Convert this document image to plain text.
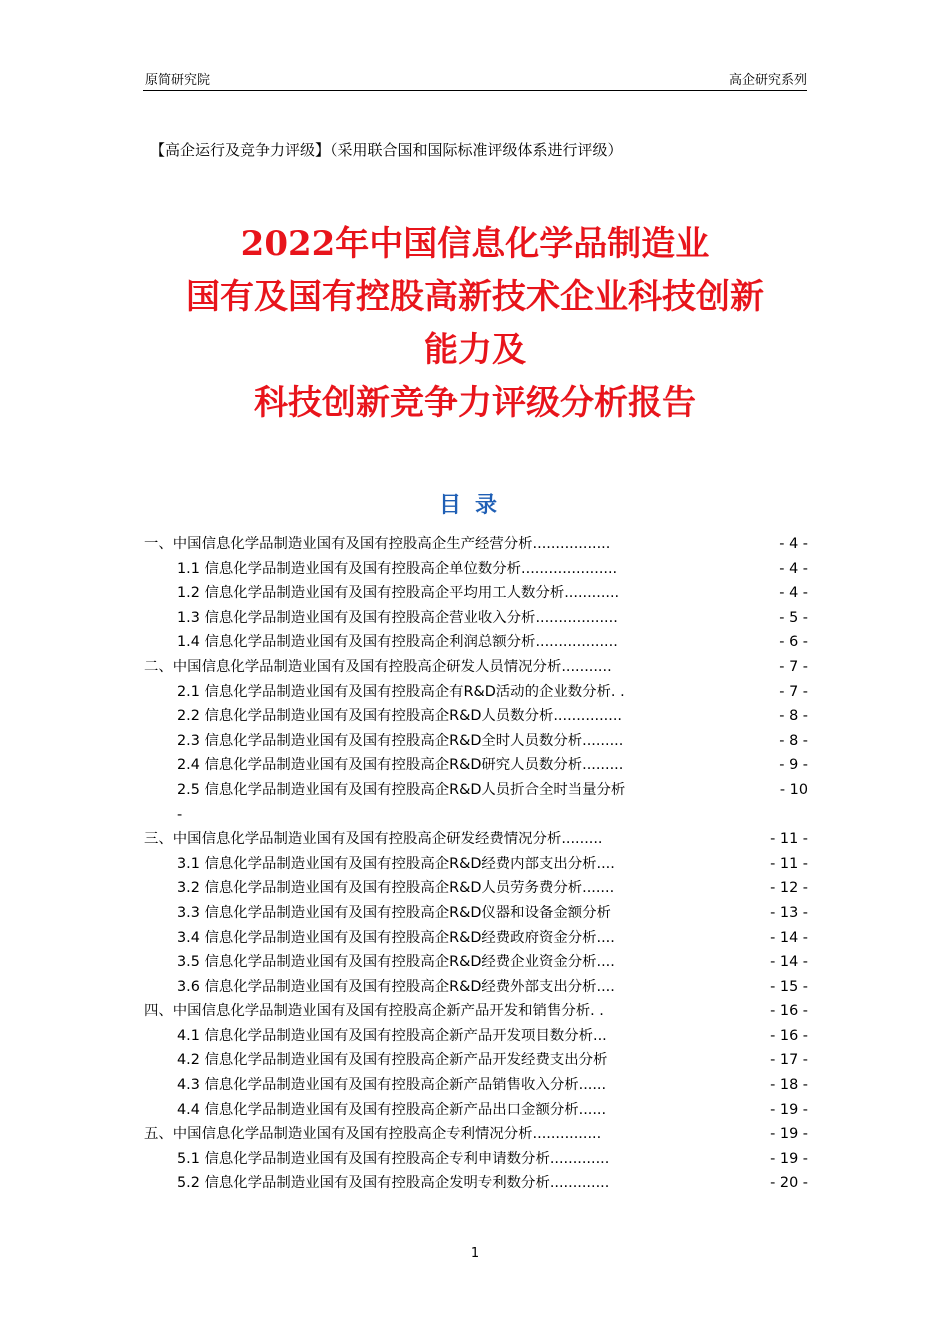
原简研究院	高企研究系列
【高企运行及竞争力评级】（采用联合国和国际标准评级体系进行评级）
2022年中国信息化学品制造业
国有及国有控股高新技术企业科技创新
能力及
科技创新竞争力评级分析报告
目录
一、中国信息化学品制造业国有及国有控股高企生产经营分析.................	- 4 -
1.1 信息化学品制造业国有及国有控股高企单位数分析.....................	- 4 -
1.2 信息化学品制造业国有及国有控股高企平均用工人数分析............	- 4 -
1.3 信息化学品制造业国有及国有控股高企营业收入分析..................	- 5 -
1.4 信息化学品制造业国有及国有控股高企利润总额分析..................	- 6 -
二、中国信息化学品制造业国有及国有控股高企研发人员情况分析...........	- 7 -
2.1 信息化学品制造业国有及国有控股高企有R&D活动的企业数分析. .	- 7 -
2.2 信息化学品制造业国有及国有控股高企R&D人员数分析...............	- 8 -
2.3 信息化学品制造业国有及国有控股高企R&D全时人员数分析.........	- 8 -
2.4 信息化学品制造业国有及国有控股高企R&D研究人员数分析.........	- 9 -
2.5 信息化学品制造业国有及国有控股高企R&D人员折合全时当量分析	- 10
-
三、中国信息化学品制造业国有及国有控股高企研发经费情况分析.........	- 11 -
3.1 信息化学品制造业国有及国有控股高企R&D经费内部支出分析....	- 11 -
3.2 信息化学品制造业国有及国有控股高企R&D人员劳务费分析.......	- 12 -
3.3 信息化学品制造业国有及国有控股高企R&D仪器和设备金额分析	- 13 -
3.4 信息化学品制造业国有及国有控股高企R&D经费政府资金分析....	- 14 -
3.5 信息化学品制造业国有及国有控股高企R&D经费企业资金分析....	- 14 -
3.6 信息化学品制造业国有及国有控股高企R&D经费外部支出分析....	- 15 -
四、中国信息化学品制造业国有及国有控股高企新产品开发和销售分析. .	- 16 -
4.1 信息化学品制造业国有及国有控股高企新产品开发项目数分析...	- 16 -
4.2 信息化学品制造业国有及国有控股高企新产品开发经费支出分析	- 17 -
4.3 信息化学品制造业国有及国有控股高企新产品销售收入分析......	- 18 -
4.4 信息化学品制造业国有及国有控股高企新产品出口金额分析......	- 19 -
五、中国信息化学品制造业国有及国有控股高企专利情况分析...............	- 19 -
5.1 信息化学品制造业国有及国有控股高企专利申请数分析.............	- 19 -
5.2 信息化学品制造业国有及国有控股高企发明专利数分析.............	- 20 -
1
